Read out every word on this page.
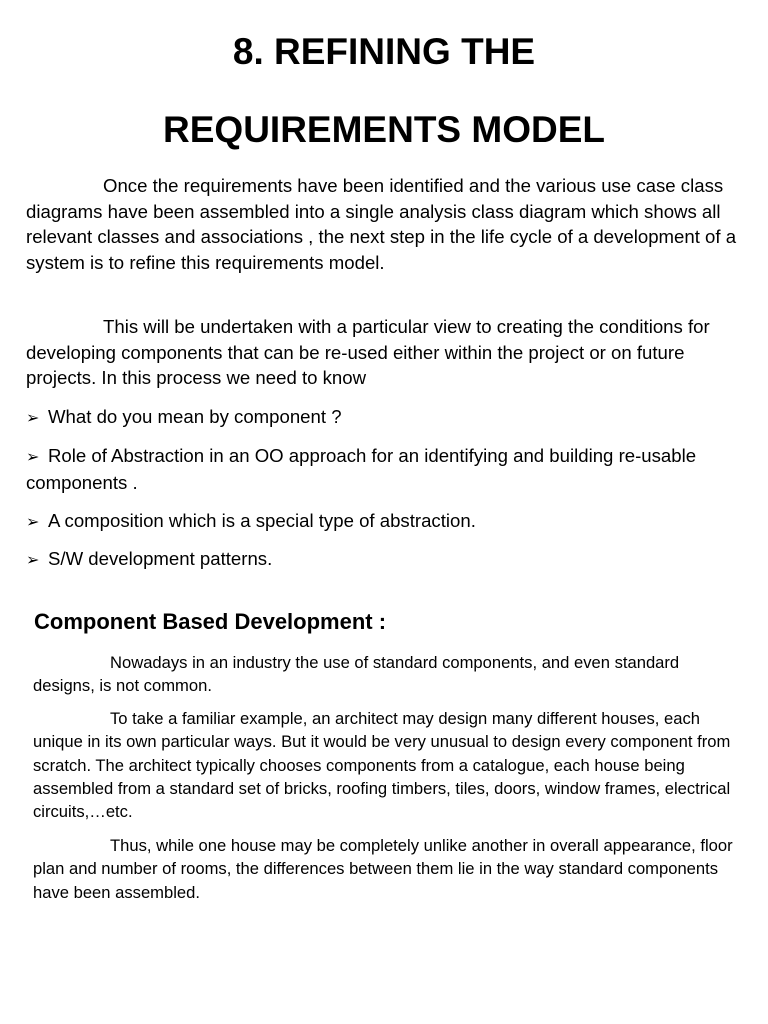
8. REFINING THE
REQUIREMENTS MODEL

Once the requirements have been identified and the various use case class diagrams have been assembled into a single analysis class diagram which shows all relevant classes and associations , the next step in the life cycle of a development of a system is to refine this requirements model.

This will be undertaken with a particular view to creating the conditions for developing components that can be re-used either within the project or on future projects. In this process we need to know

➢ What do you mean by component ?

➢ Role of Abstraction in an OO approach for an identifying and building re-usable components .

➢ A composition which is a special type of abstraction.

➢ S/W development patterns.

Component Based Development :

Nowadays in an industry the use of standard components, and even standard designs, is not common.

To take a familiar example, an architect may design many different houses, each unique in its own particular ways. But it would be very unusual to design every component from scratch. The architect typically chooses components from a catalogue, each house being assembled from a standard set of bricks, roofing timbers, tiles, doors, window frames, electrical circuits,…etc.

Thus, while one house may be completely unlike another in overall appearance, floor plan and number of rooms, the differences between them lie in the way standard components have been assembled.
